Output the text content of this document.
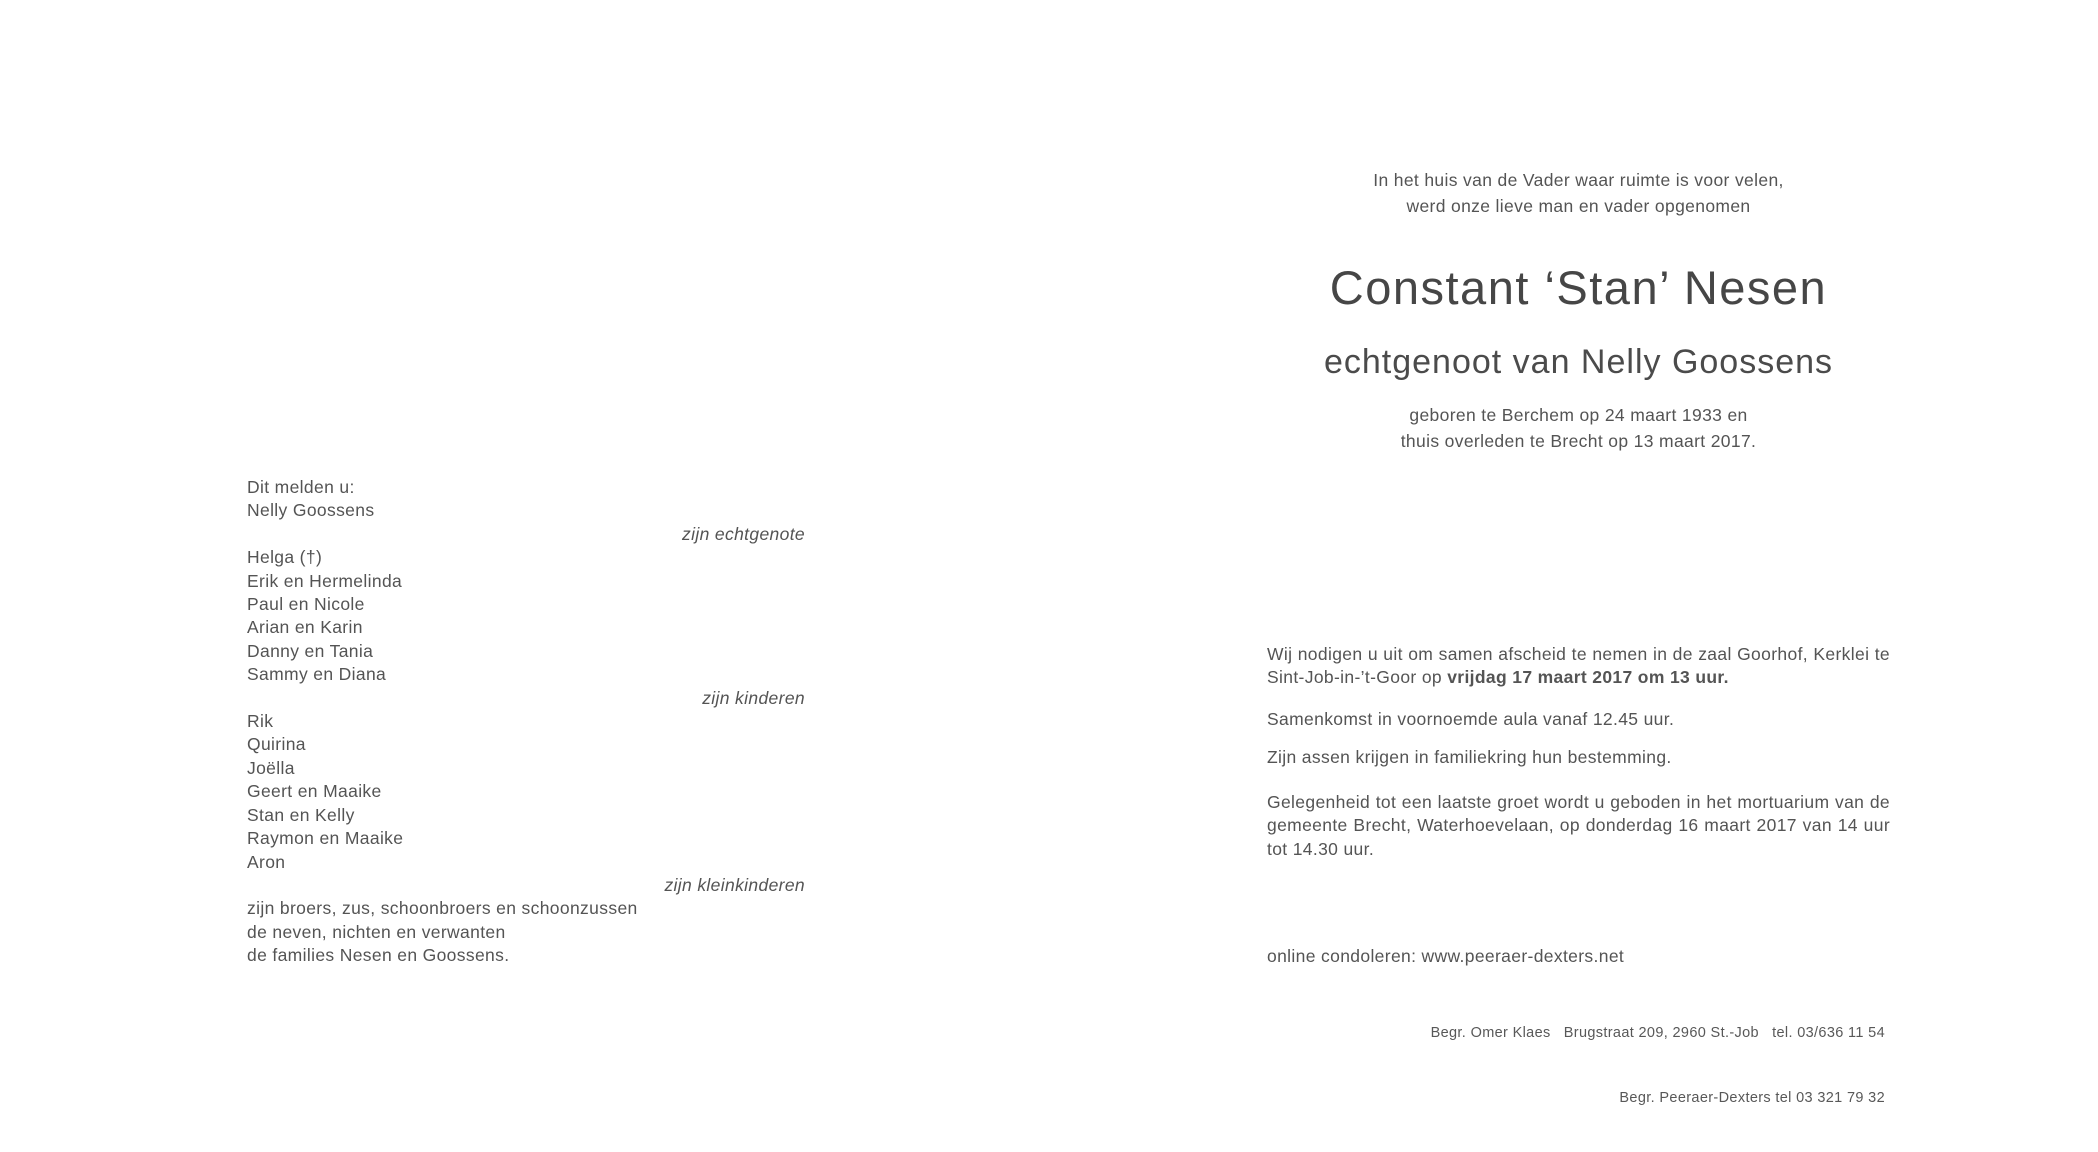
Dit melden u:
Nelly Goossens
zijn echtgenote
Helga (†)
Erik en Hermelinda
Paul en Nicole
Arian en Karin
Danny en Tania
Sammy en Diana
zijn kinderen
Rik
Quirina
Joëlla
Geert en Maaike
Stan en Kelly
Raymon en Maaike
Aron
zijn kleinkinderen
zijn broers, zus, schoonbroers en schoonzussen
de neven, nichten en verwanten
de families Nesen en Goossens.
In het huis van de Vader waar ruimte is voor velen,
werd onze lieve man en vader opgenomen
Constant ‘Stan’ Nesen
echtgenoot van Nelly Goossens
geboren te Berchem op 24 maart 1933 en
thuis overleden te Brecht op 13 maart 2017.

Wij nodigen u uit om samen afscheid te nemen in de zaal Goorhof, Kerklei te Sint-Job-in-’t-Goor op vrijdag 17 maart 2017 om 13 uur.

Samenkomst in voornoemde aula vanaf 12.45 uur.

Zijn assen krijgen in familiekring hun bestemming.

Gelegenheid tot een laatste groet wordt u geboden in het mortuarium van de gemeente Brecht, Waterhoevelaan, op donderdag 16 maart 2017 van 14 uur tot 14.30 uur.

online condoleren: www.peeraer-dexters.net

Begr. Omer Klaes   Brugstraat 209, 2960 St.-Job   tel. 03/636 11 54

Begr. Peeraer-Dexters tel 03 321 79 32
